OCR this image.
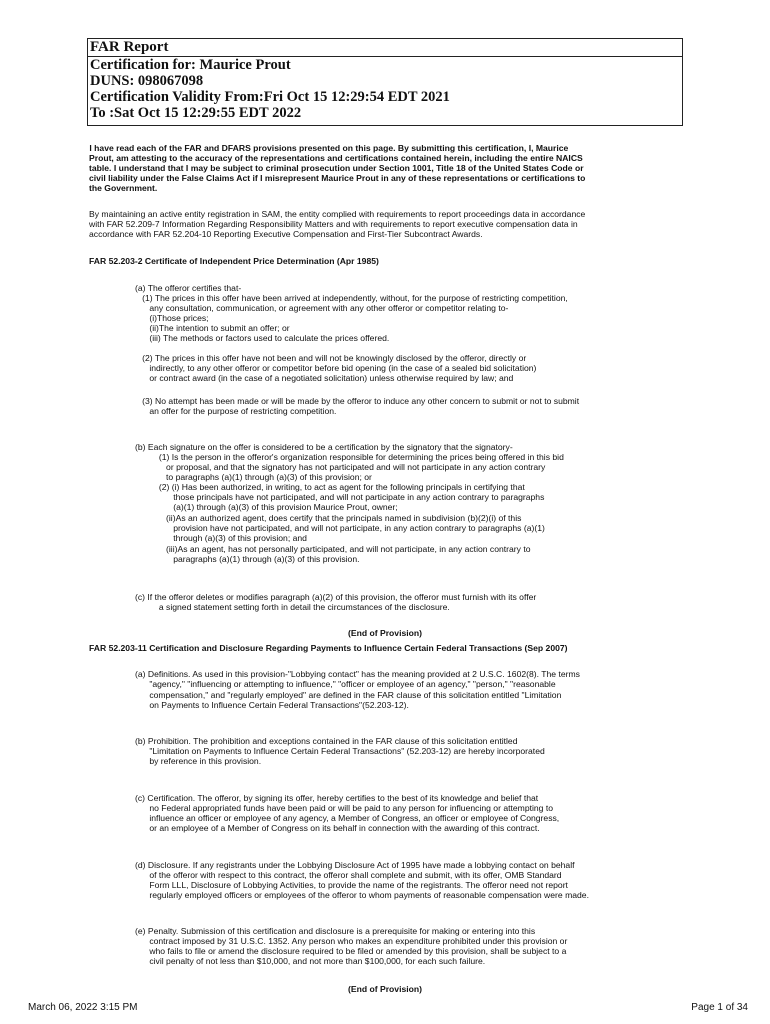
FAR Report
Certification for: Maurice Prout
DUNS: 098067098
Certification Validity From:Fri Oct 15 12:29:54 EDT 2021
To :Sat Oct 15 12:29:55 EDT 2022
I have read each of the FAR and DFARS provisions presented on this page. By submitting this certification, I, Maurice
Prout, am attesting to the accuracy of the representations and certifications contained herein, including the entire NAICS
table. I understand that I may be subject to criminal prosecution under Section 1001, Title 18 of the United States Code or
civil liability under the False Claims Act if I misrepresent Maurice Prout in any of these representations or certifications to
the Government.
By maintaining an active entity registration in SAM, the entity complied with requirements to report proceedings data in accordance
with FAR 52.209-7 Information Regarding Responsibility Matters and with requirements to report executive compensation data in
accordance with FAR 52.204-10 Reporting Executive Compensation and First-Tier Subcontract Awards.
FAR 52.203-2 Certificate of Independent Price Determination (Apr 1985)
(a) The offeror certifies that-
(1) The prices in this offer have been arrived at independently, without, for the purpose of restricting competition,
any consultation, communication, or agreement with any other offeror or competitor relating to-
(i)Those prices;
(ii)The intention to submit an offer; or
(iii) The methods or factors used to calculate the prices offered.
(2) The prices in this offer have not been and will not be knowingly disclosed by the offeror, directly or
indirectly, to any other offeror or competitor before bid opening (in the case of a sealed bid solicitation)
or contract award (in the case of a negotiated solicitation) unless otherwise required by law; and
(3) No attempt has been made or will be made by the offeror to induce any other concern to submit or not to submit
an offer for the purpose of restricting competition.
(b) Each signature on the offer is considered to be a certification by the signatory that the signatory-
(1) Is the person in the offeror's organization responsible for determining the prices being offered in this bid
or proposal, and that the signatory has not participated and will not participate in any action contrary
to paragraphs (a)(1) through (a)(3) of this provision; or
(2) (i) Has been authorized, in writing, to act as agent for the following principals in certifying that
those principals have not participated, and will not participate in any action contrary to paragraphs
(a)(1) through (a)(3) of this provision Maurice Prout, owner;
(ii)As an authorized agent, does certify that the principals named in subdivision (b)(2)(i) of this
provision have not participated, and will not participate, in any action contrary to paragraphs (a)(1)
through (a)(3) of this provision; and
(iii)As an agent, has not personally participated, and will not participate, in any action contrary to
paragraphs (a)(1) through (a)(3) of this provision.
(c) If the offeror deletes or modifies paragraph (a)(2) of this provision, the offeror must furnish with its offer
a signed statement setting forth in detail the circumstances of the disclosure.
(End of Provision)
FAR 52.203-11 Certification and Disclosure Regarding Payments to Influence Certain Federal Transactions (Sep 2007)
(a) Definitions. As used in this provision-"Lobbying contact" has the meaning provided at 2 U.S.C. 1602(8). The terms
"agency," "influencing or attempting to influence," "officer or employee of an agency," "person," "reasonable
compensation," and "regularly employed" are defined in the FAR clause of this solicitation entitled "Limitation
on Payments to Influence Certain Federal Transactions"(52.203-12).
(b) Prohibition. The prohibition and exceptions contained in the FAR clause of this solicitation entitled
"Limitation on Payments to Influence Certain Federal Transactions" (52.203-12) are hereby incorporated
by reference in this provision.
(c) Certification. The offeror, by signing its offer, hereby certifies to the best of its knowledge and belief that
no Federal appropriated funds have been paid or will be paid to any person for influencing or attempting to
influence an officer or employee of any agency, a Member of Congress, an officer or employee of Congress,
or an employee of a Member of Congress on its behalf in connection with the awarding of this contract.
(d) Disclosure. If any registrants under the Lobbying Disclosure Act of 1995 have made a lobbying contact on behalf
of the offeror with respect to this contract, the offeror shall complete and submit, with its offer, OMB Standard
Form LLL, Disclosure of Lobbying Activities, to provide the name of the registrants. The offeror need not report
regularly employed officers or employees of the offeror to whom payments of reasonable compensation were made.
(e) Penalty. Submission of this certification and disclosure is a prerequisite for making or entering into this
contract imposed by 31 U.S.C. 1352. Any person who makes an expenditure prohibited under this provision or
who fails to file or amend the disclosure required to be filed or amended by this provision, shall be subject to a
civil penalty of not less than $10,000, and not more than $100,000, for each such failure.
(End of Provision)
March 06, 2022 3:15 PM	Page 1 of 34
